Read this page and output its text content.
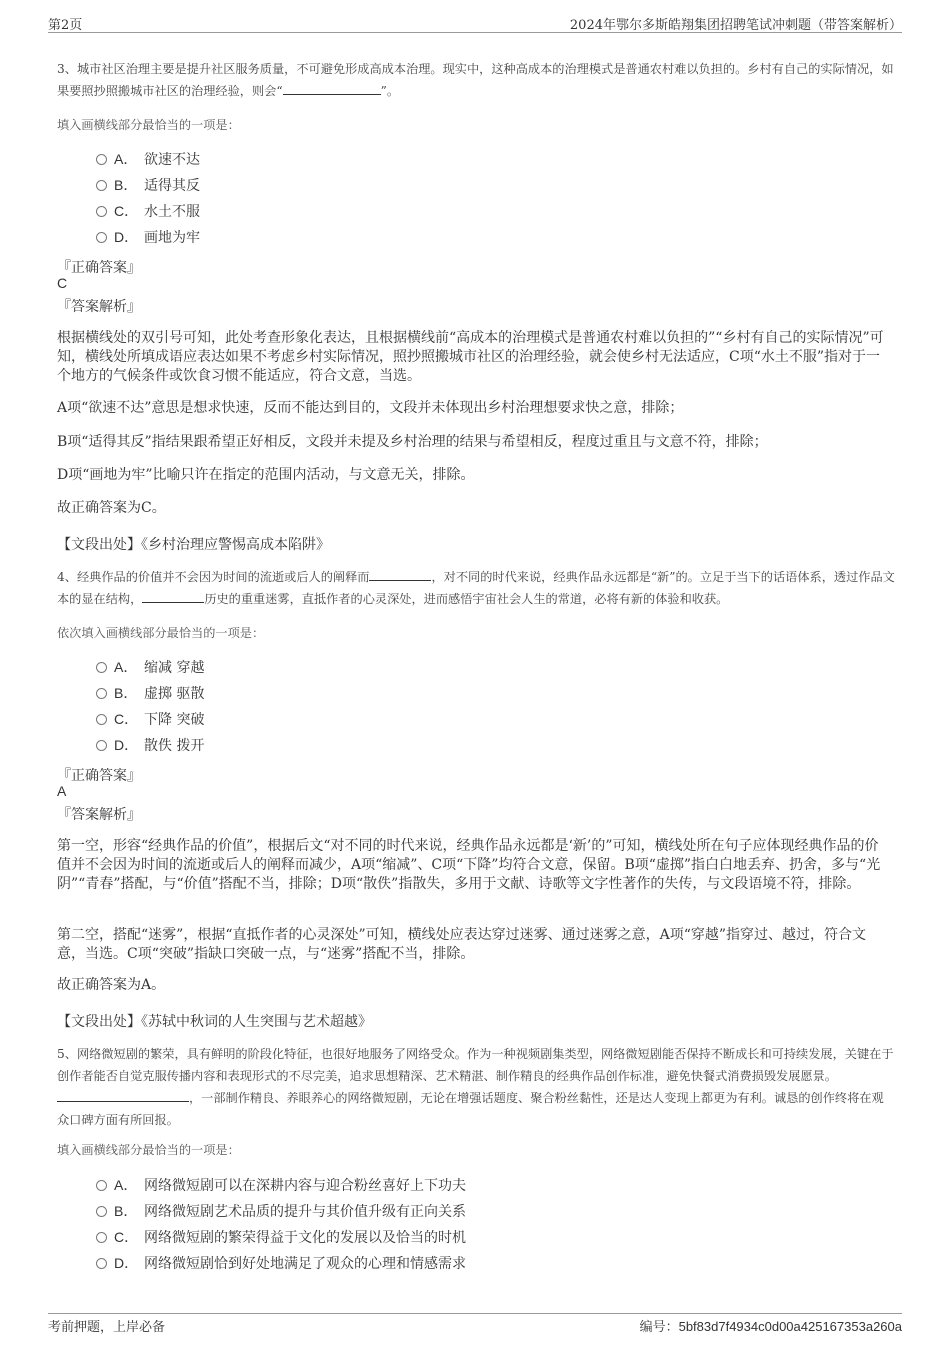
第2页	2024年鄂尔多斯皓翔集团招聘笔试冲刺题（带答案解析）

3、城市社区治理主要是提升社区服务质量，不可避免形成高成本治理。现实中，这种高成本的治理模式是普通农村难以负担的。乡村有自己的实际情况，如果要照抄照搬城市社区的治理经验，则会“	”。

填入画横线部分最恰当的一项是：
A． 欲速不达
B． 适得其反
C． 水土不服
D． 画地为牢
『正确答案』
C
『答案解析』

根据横线处的双引号可知，此处考查形象化表达，且根据横线前“高成本的治理模式是普通农村难以负担的”“乡村有自己的实际情况”可知，横线处所填成语应表达如果不考虑乡村实际情况，照抄照搬城市社区的治理经验，就会使乡村无法适应，C项“水土不服”指对于一个地方的气候条件或饮食习惯不能适应，符合文意，当选。

A项“欲速不达”意思是想求快速，反而不能达到目的，文段并未体现出乡村治理想要求快之意，排除；

B项“适得其反”指结果跟希望正好相反，文段并未提及乡村治理的结果与希望相反，程度过重且与文意不符，排除；

D项“画地为牢”比喻只许在指定的范围内活动，与文意无关，排除。

故正确答案为C。

【文段出处】《乡村治理应警惕高成本陷阱》

4、经典作品的价值并不会因为时间的流逝或后人的阐释而	，对不同的时代来说，经典作品永远都是“新”的。立足于当下的话语体系，透过作品文本的显在结构，	历史的重重迷雾，直抵作者的心灵深处，进而感悟宇宙社会人生的常道，必将有新的体验和收获。

依次填入画横线部分最恰当的一项是：
A． 缩减 穿越
B． 虚掷 驱散
C． 下降 突破
D． 散佚 拨开
『正确答案』
A
『答案解析』

第一空，形容“经典作品的价值”，根据后文“对不同的时代来说，经典作品永远都是‘新’的”可知，横线处所在句子应体现经典作品的价值并不会因为时间的流逝或后人的阐释而减少，A项“缩减”、C项“下降”均符合文意，保留。B项“虚掷”指白白地丢弃、扔舍，多与“光阴”“青春”搭配，与“价值”搭配不当，排除；D项“散佚”指散失，多用于文献、诗歌等文字性著作的失传，与文段语境不符，排除。

第二空，搭配“迷雾”，根据“直抵作者的心灵深处”可知，横线处应表达穿过迷雾、通过迷雾之意，A项“穿越”指穿过、越过，符合文意，当选。C项“突破”指缺口突破一点，与“迷雾”搭配不当，排除。

故正确答案为A。

【文段出处】《苏轼中秋词的人生突围与艺术超越》

5、网络微短剧的繁荣，具有鲜明的阶段化特征，也很好地服务了网络受众。作为一种视频剧集类型，网络微短剧能否保持不断成长和可持续发展，关键在于创作者能否自觉克服传播内容和表现形式的不尽完美，追求思想精深、艺术精湛、制作精良的经典作品创作标准，避免快餐式消费损毁发展愿景。，一部制作精良、养眼养心的网络微短剧，无论在增强话题度、聚合粉丝黏性，还是达人变现上都更为有利。诚恳的创作终将在观众口碑方面有所回报。

填入画横线部分最恰当的一项是：
A． 网络微短剧可以在深耕内容与迎合粉丝喜好上下功夫
B． 网络微短剧艺术品质的提升与其价值升级有正向关系
C． 网络微短剧的繁荣得益于文化的发展以及恰当的时机
D． 网络微短剧恰到好处地满足了观众的心理和情感需求
考前押题，上岸必备	编号：5bf83d7f4934c0d00a425167353a260a
